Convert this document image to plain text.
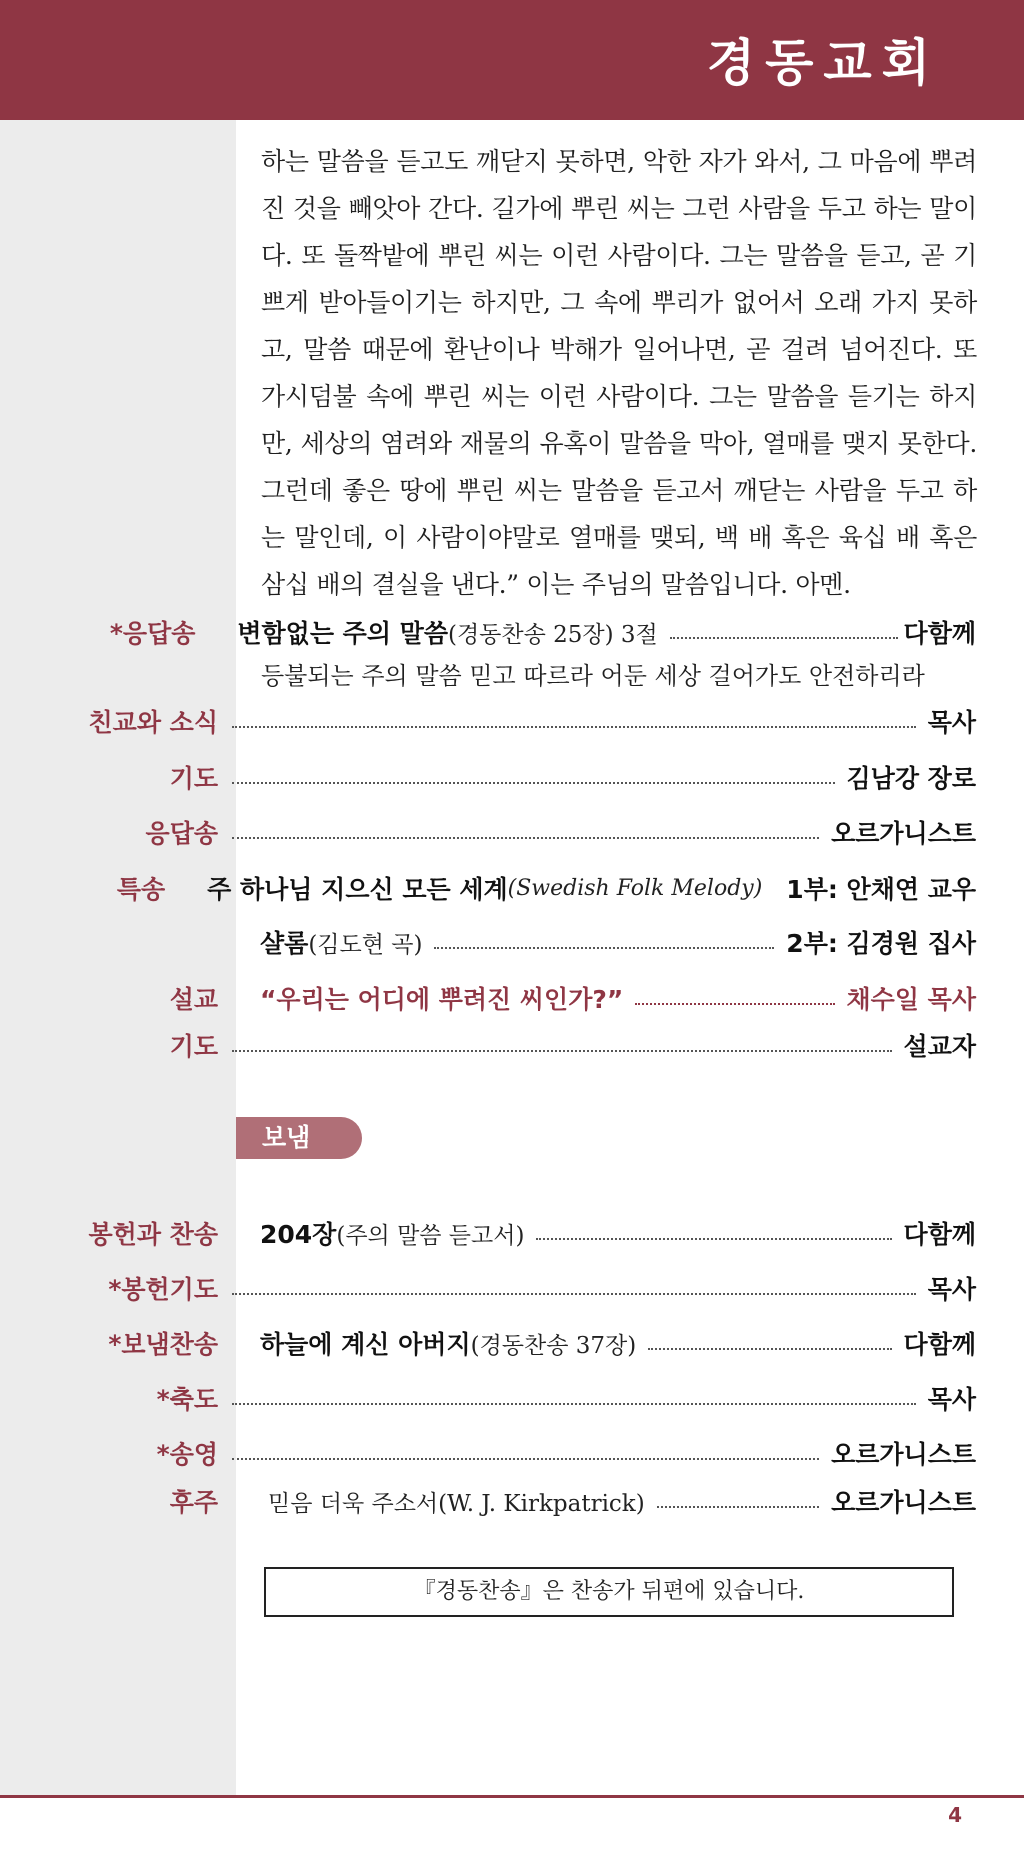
경동교회
하는 말씀을 듣고도 깨닫지 못하면, 악한 자가 와서, 그 마음에 뿌려진 것을 빼앗아 간다. 길가에 뿌린 씨는 그런 사람을 두고 하는 말이다. 또 돌짝밭에 뿌린 씨는 이런 사람이다. 그는 말씀을 듣고, 곧 기쁘게 받아들이기는 하지만, 그 속에 뿌리가 없어서 오래 가지 못하고, 말씀 때문에 환난이나 박해가 일어나면, 곧 걸려 넘어진다. 또 가시덤불 속에 뿌린 씨는 이런 사람이다. 그는 말씀을 듣기는 하지만, 세상의 염려와 재물의 유혹이 말씀을 막아, 열매를 맺지 못한다. 그런데 좋은 땅에 뿌린 씨는 말씀을 듣고서 깨닫는 사람을 두고 하는 말인데, 이 사람이야말로 열매를 맺되, 백 배 혹은 육십 배 혹은 삼십 배의 결실을 낸다.” 이는 주님의 말씀입니다. 아멘.
*응답송 변함없는 주의 말씀 (경동찬송 25장) 3절	다함께
등불되는 주의 말씀 믿고 따르라 어둔 세상 걸어가도 안전하리라
친교와 소식	목사
기도	김남강 장로
응답송	오르가니스트
특송 주 하나님 지으신 모든 세계 (Swedish Folk Melody) 1부: 안채연 교우
샬롬 (김도현 곡)	2부: 김경원 집사
설교 “우리는 어디에 뿌려진 씨인가?”	채수일 목사
기도	설교자
보냄
봉헌과 찬송 204장 (주의 말씀 듣고서)	다함께
*봉헌기도	목사
*보냄찬송 하늘에 계신 아버지 (경동찬송 37장)	다함께
*축도	목사
*송영	오르가니스트
후주 믿음 더욱 주소서(W. J. Kirkpatrick)	오르가니스트
『경동찬송』은 찬송가 뒤편에 있습니다.
4
